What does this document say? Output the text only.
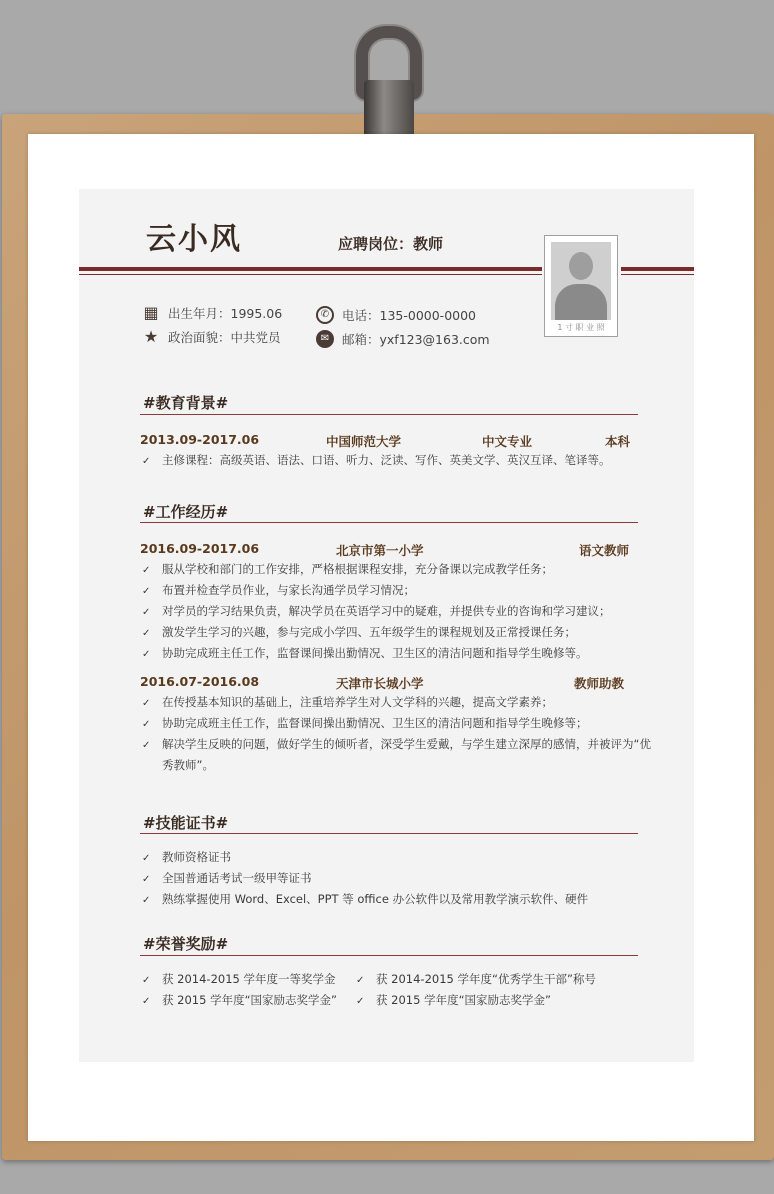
云小风	应聘岗位：教师
1 寸 职 业 照
▦ 出生年月：1995.06
★ 政治面貌：中共党员
✆	电话：135-0000-0000
✉	邮箱：yxf123@163.com
#教育背景#
2013.09-2017.06	中国师范大学	中文专业	本科
✓ 主修课程：高级英语、语法、口语、听力、泛读、写作、英美文学、英汉互译、笔译等。
#工作经历#
2016.09-2017.06	北京市第一小学	语文教师
✓ 服从学校和部门的工作安排，严格根据课程安排，充分备课以完成教学任务；
✓ 布置并检查学员作业，与家长沟通学员学习情况；
✓ 对学员的学习结果负责，解决学员在英语学习中的疑难，并提供专业的咨询和学习建议；
✓ 激发学生学习的兴趣，参与完成小学四、五年级学生的课程规划及正常授课任务；
✓ 协助完成班主任工作，监督课间操出勤情况、卫生区的清洁问题和指导学生晚修等。
2016.07-2016.08	天津市长城小学	教师助教
✓ 在传授基本知识的基础上，注重培养学生对人文学科的兴趣，提高文学素养；
✓ 协助完成班主任工作，监督课间操出勤情况、卫生区的清洁问题和指导学生晚修等；
✓ 解决学生反映的问题，做好学生的倾听者，深受学生爱戴，与学生建立深厚的感情，并被评为“优
秀教师”。
#技能证书#
✓ 教师资格证书
✓ 全国普通话考试一级甲等证书
✓ 熟练掌握使用 Word、Excel、PPT 等 office 办公软件以及常用教学演示软件、硬件
#荣誉奖励#
✓ 获 2014-2015 学年度一等奖学金 ✓ 获 2014-2015 学年度“优秀学生干部”称号
✓ 获 2015 学年度“国家励志奖学金” ✓ 获 2015 学年度“国家励志奖学金”
